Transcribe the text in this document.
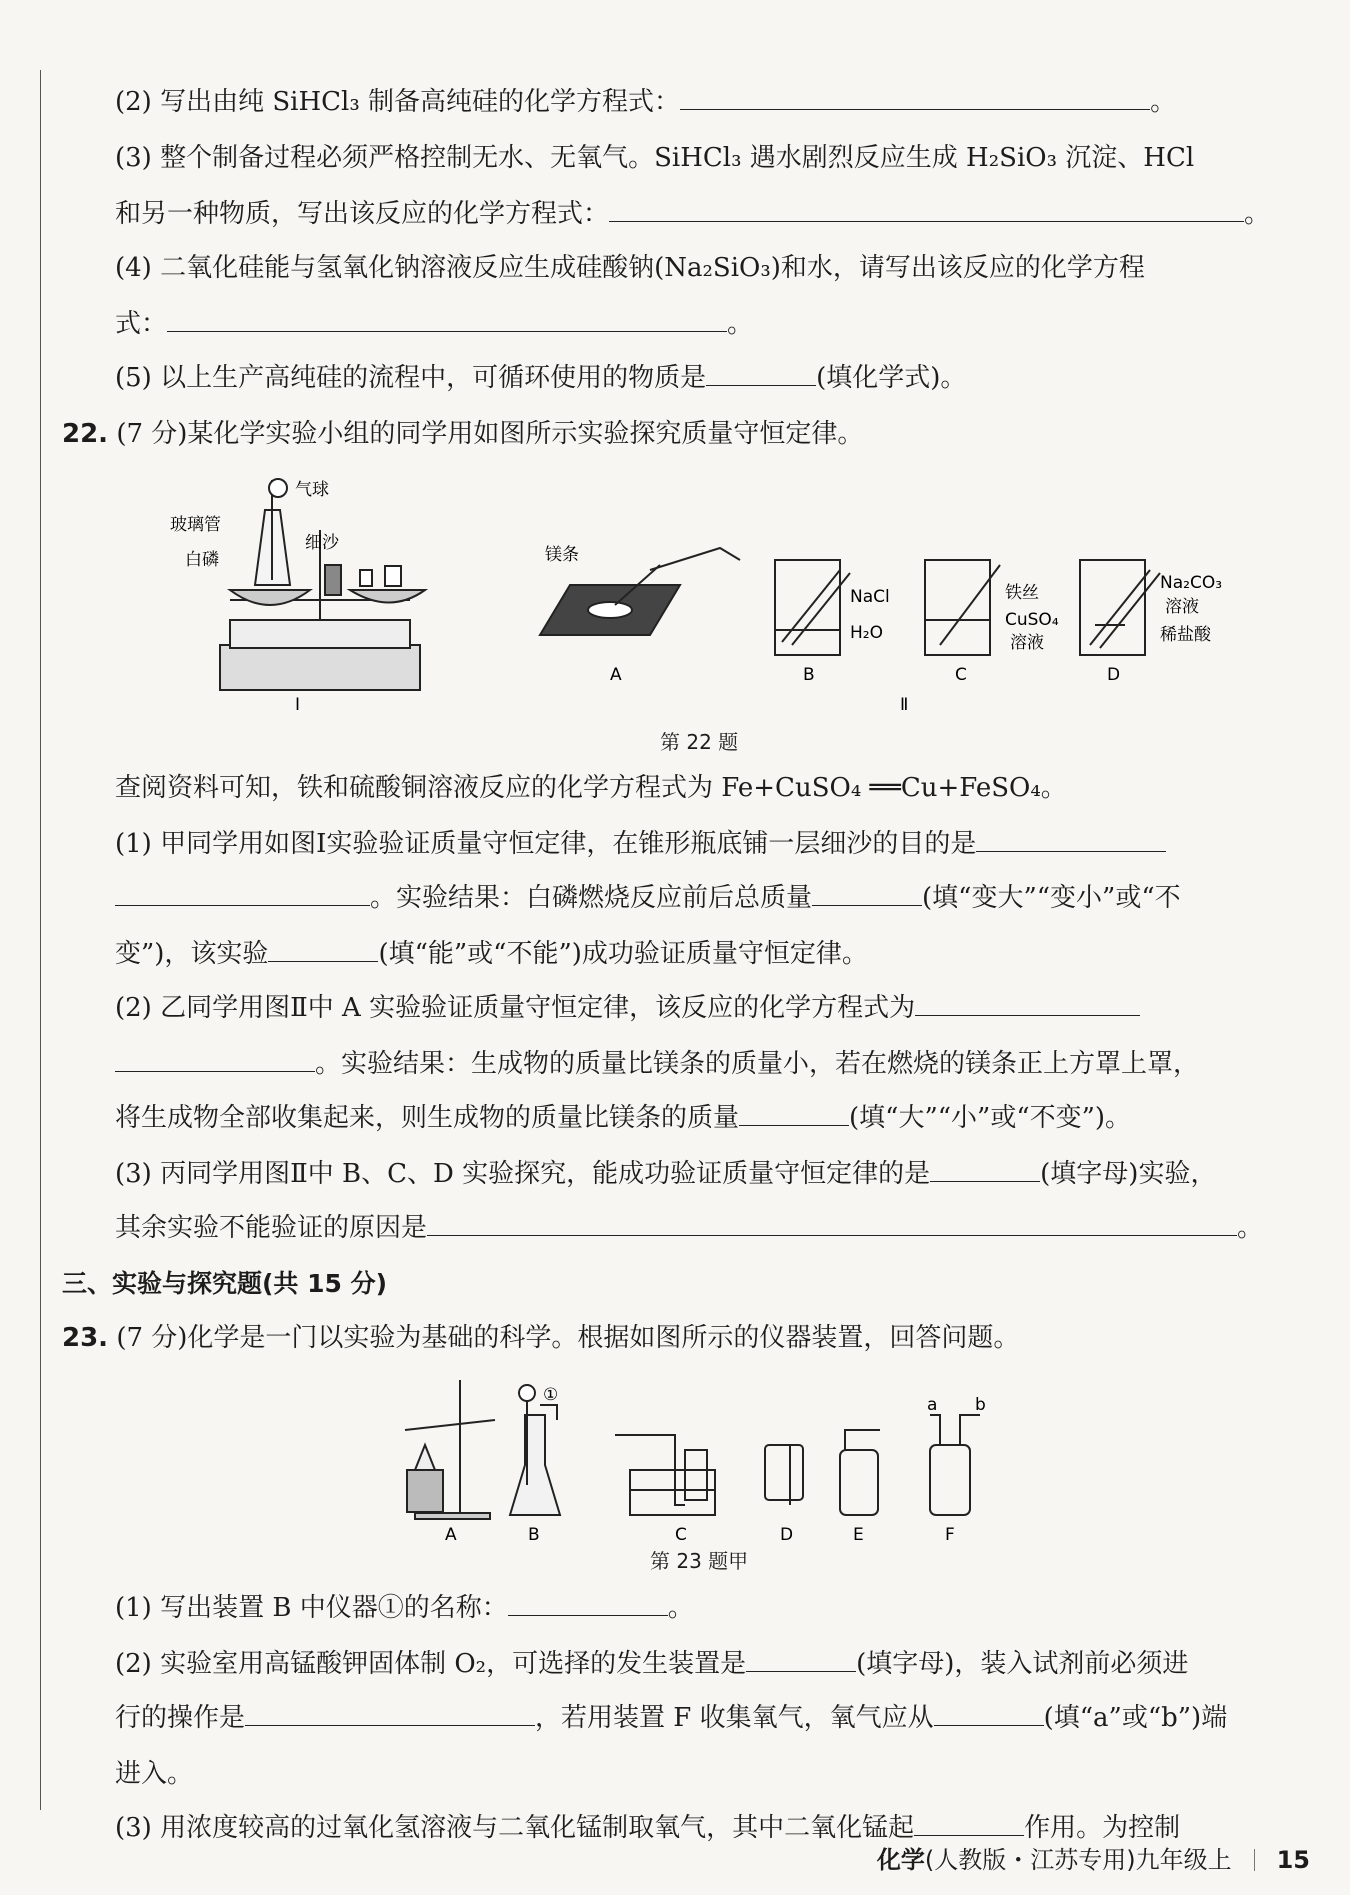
(2) 写出由纯 SiHCl₃ 制备高纯硅的化学方程式：	。
(3) 整个制备过程必须严格控制无水、无氧气。SiHCl₃ 遇水剧烈反应生成 H₂SiO₃ 沉淀、HCl
和另一种物质，写出该反应的化学方程式：	。
(4) 二氧化硅能与氢氧化钠溶液反应生成硅酸钠(Na₂SiO₃)和水，请写出该反应的化学方程
式：	。
(5) 以上生产高纯硅的流程中，可循环使用的物质是	(填化学式)。
22. (7 分)某化学实验小组的同学用如图所示实验探究质量守恒定律。
气球
玻璃管
细沙
白磷	镁条
NaCl
H₂O
铁丝
CuSO₄
溶液
Na₂CO₃
溶液
稀盐酸
A	B	C	D
Ⅰ	Ⅱ
第 22 题
查阅资料可知，铁和硫酸铜溶液反应的化学方程式为 Fe+CuSO₄ ══Cu+FeSO₄。
(1) 甲同学用如图Ⅰ实验验证质量守恒定律，在锥形瓶底铺一层细沙的目的是
。实验结果：白磷燃烧反应前后总质量	(填“变大”“变小”或“不
变”)，该实验	(填“能”或“不能”)成功验证质量守恒定律。
(2) 乙同学用图Ⅱ中 A 实验验证质量守恒定律，该反应的化学方程式为
。实验结果：生成物的质量比镁条的质量小，若在燃烧的镁条正上方罩上罩，
将生成物全部收集起来，则生成物的质量比镁条的质量	(填“大”“小”或“不变”)。
(3) 丙同学用图Ⅱ中 B、C、D 实验探究，能成功验证质量守恒定律的是	(填字母)实验，
其余实验不能验证的原因是	。
三、实验与探究题(共 15 分)
23. (7 分)化学是一门以实验为基础的科学。根据如图所示的仪器装置，回答问题。
A	B	C	D	E	F
①	a b
第 23 题甲
(1) 写出装置 B 中仪器①的名称：	。
(2) 实验室用高锰酸钾固体制 O₂，可选择的发生装置是	(填字母)，装入试剂前必须进
行的操作是	，若用装置 F 收集氧气，氧气应从	(填“a”或“b”)端
进入。
(3) 用浓度较高的过氧化氢溶液与二氧化锰制取氧气，其中二氧化锰起	作用。为控制
化学(人教版・江苏专用)九年级上 15
